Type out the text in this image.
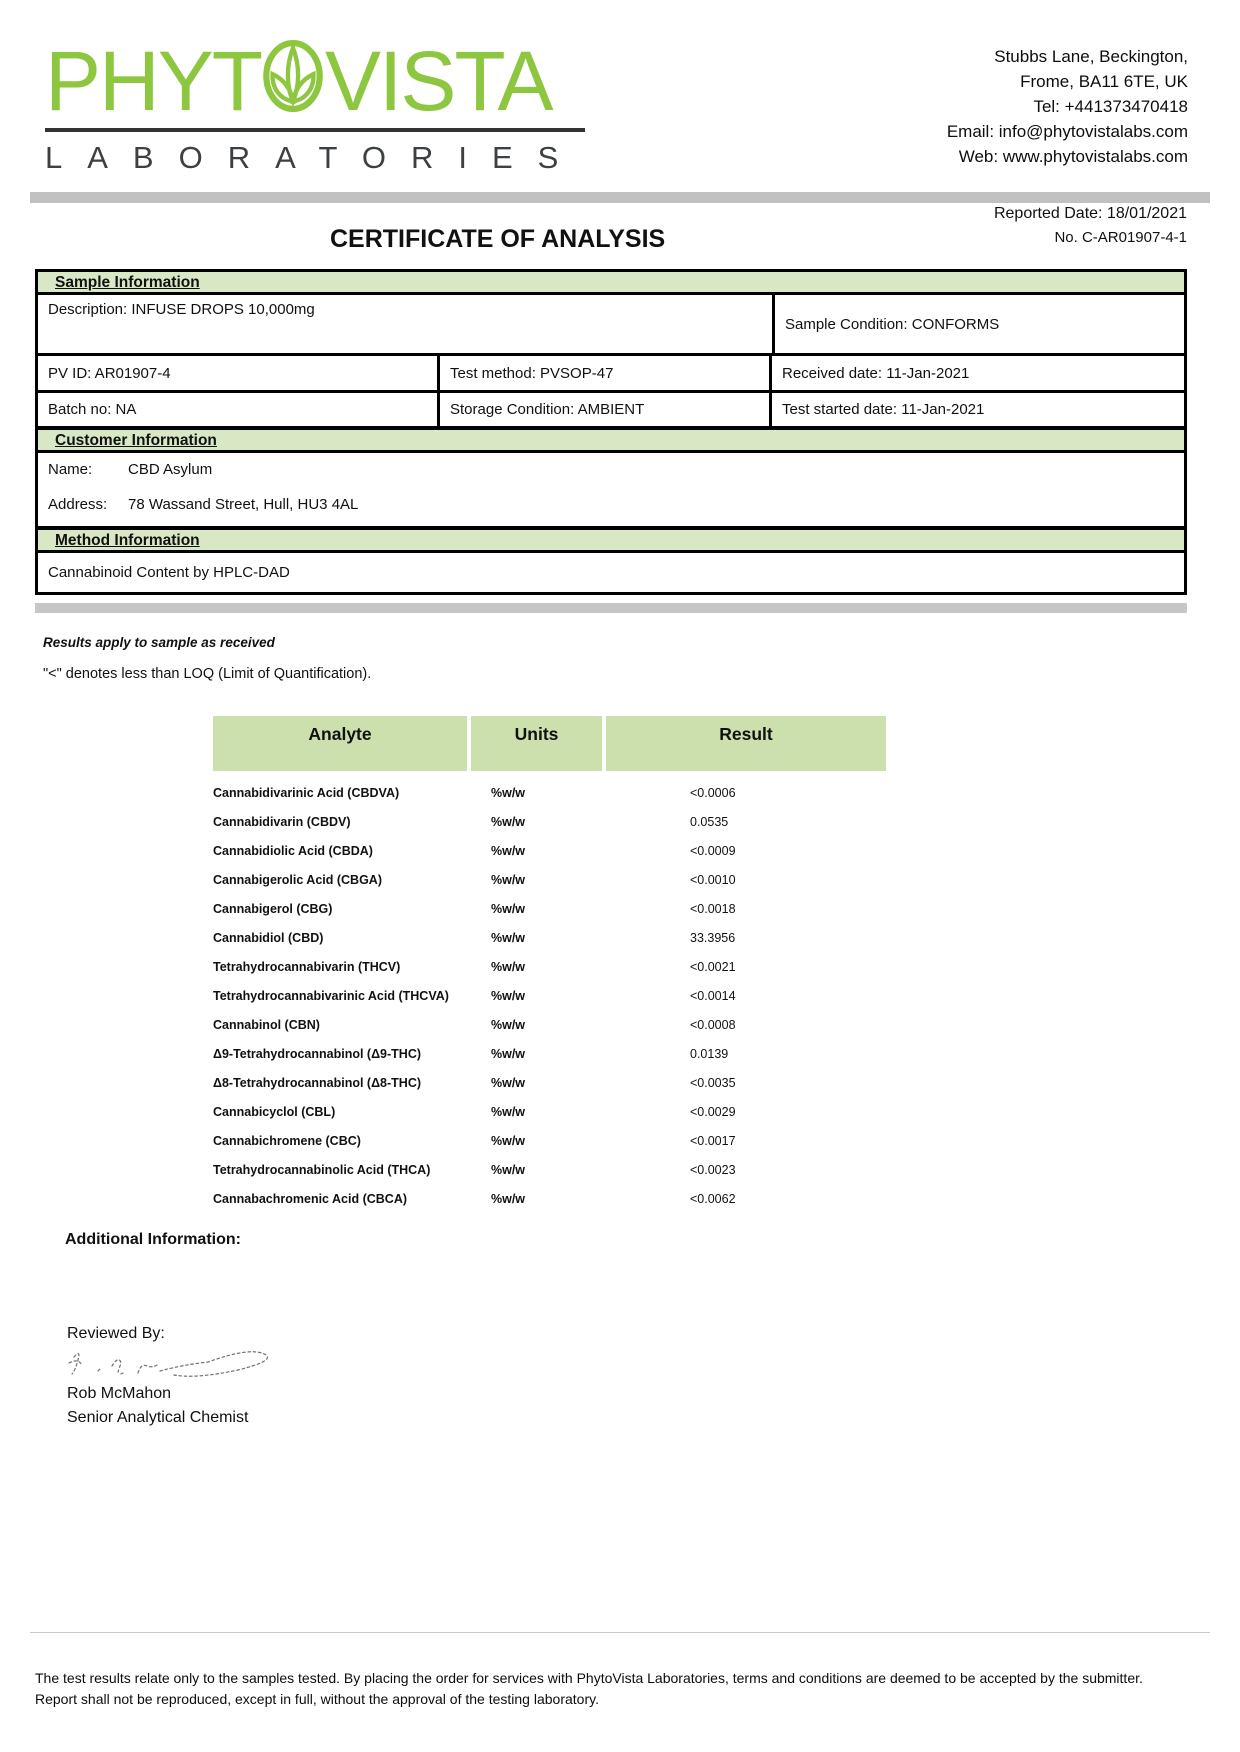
PHYT VISTA
LABORATORIES
Stubbs Lane, Beckington,
Frome, BA11 6TE, UK
Tel: +441373470418
Email: info@phytovistalabs.com
Web: www.phytovistalabs.com
CERTIFICATE OF ANALYSIS
Reported Date: 18/01/2021
No. C-AR01907-4-1
Sample Information
Description: INFUSE DROPS 10,000mg
Sample Condition: CONFORMS
PV ID: AR01907-4	Test method: PVSOP-47	Received date: 11-Jan-2021
Batch no: NA	Storage Condition: AMBIENT	Test started date: 11-Jan-2021
Customer Information
Name:	CBD Asylum
Address:	78 Wassand Street, Hull, HU3 4AL
Method Information
Cannabinoid Content by HPLC-DAD
Results apply to sample as received
"<" denotes less than LOQ (Limit of Quantification).
Analyte	Units	Result
Cannabidivarinic Acid (CBDVA)	%w/w	<0.0006
Cannabidivarin (CBDV)	%w/w	0.0535
Cannabidiolic Acid (CBDA)	%w/w	<0.0009
Cannabigerolic Acid (CBGA)	%w/w	<0.0010
Cannabigerol (CBG)	%w/w	<0.0018
Cannabidiol (CBD)	%w/w	33.3956
Tetrahydrocannabivarin (THCV)	%w/w	<0.0021
Tetrahydrocannabivarinic Acid (THCVA)	%w/w	<0.0014
Cannabinol (CBN)	%w/w	<0.0008
Δ9-Tetrahydrocannabinol (Δ9-THC)	%w/w	0.0139
Δ8-Tetrahydrocannabinol (Δ8-THC)	%w/w	<0.0035
Cannabicyclol (CBL)	%w/w	<0.0029
Cannabichromene (CBC)	%w/w	<0.0017
Tetrahydrocannabinolic Acid (THCA)	%w/w	<0.0023
Cannabachromenic Acid (CBCA)	%w/w	<0.0062
Additional Information:
Reviewed By:
Rob McMahon
Senior Analytical Chemist
The test results relate only to the samples tested. By placing the order for services with PhytoVista Laboratories, terms and conditions are deemed to be accepted by the submitter. Report shall not be reproduced, except in full, without the approval of the testing laboratory.
